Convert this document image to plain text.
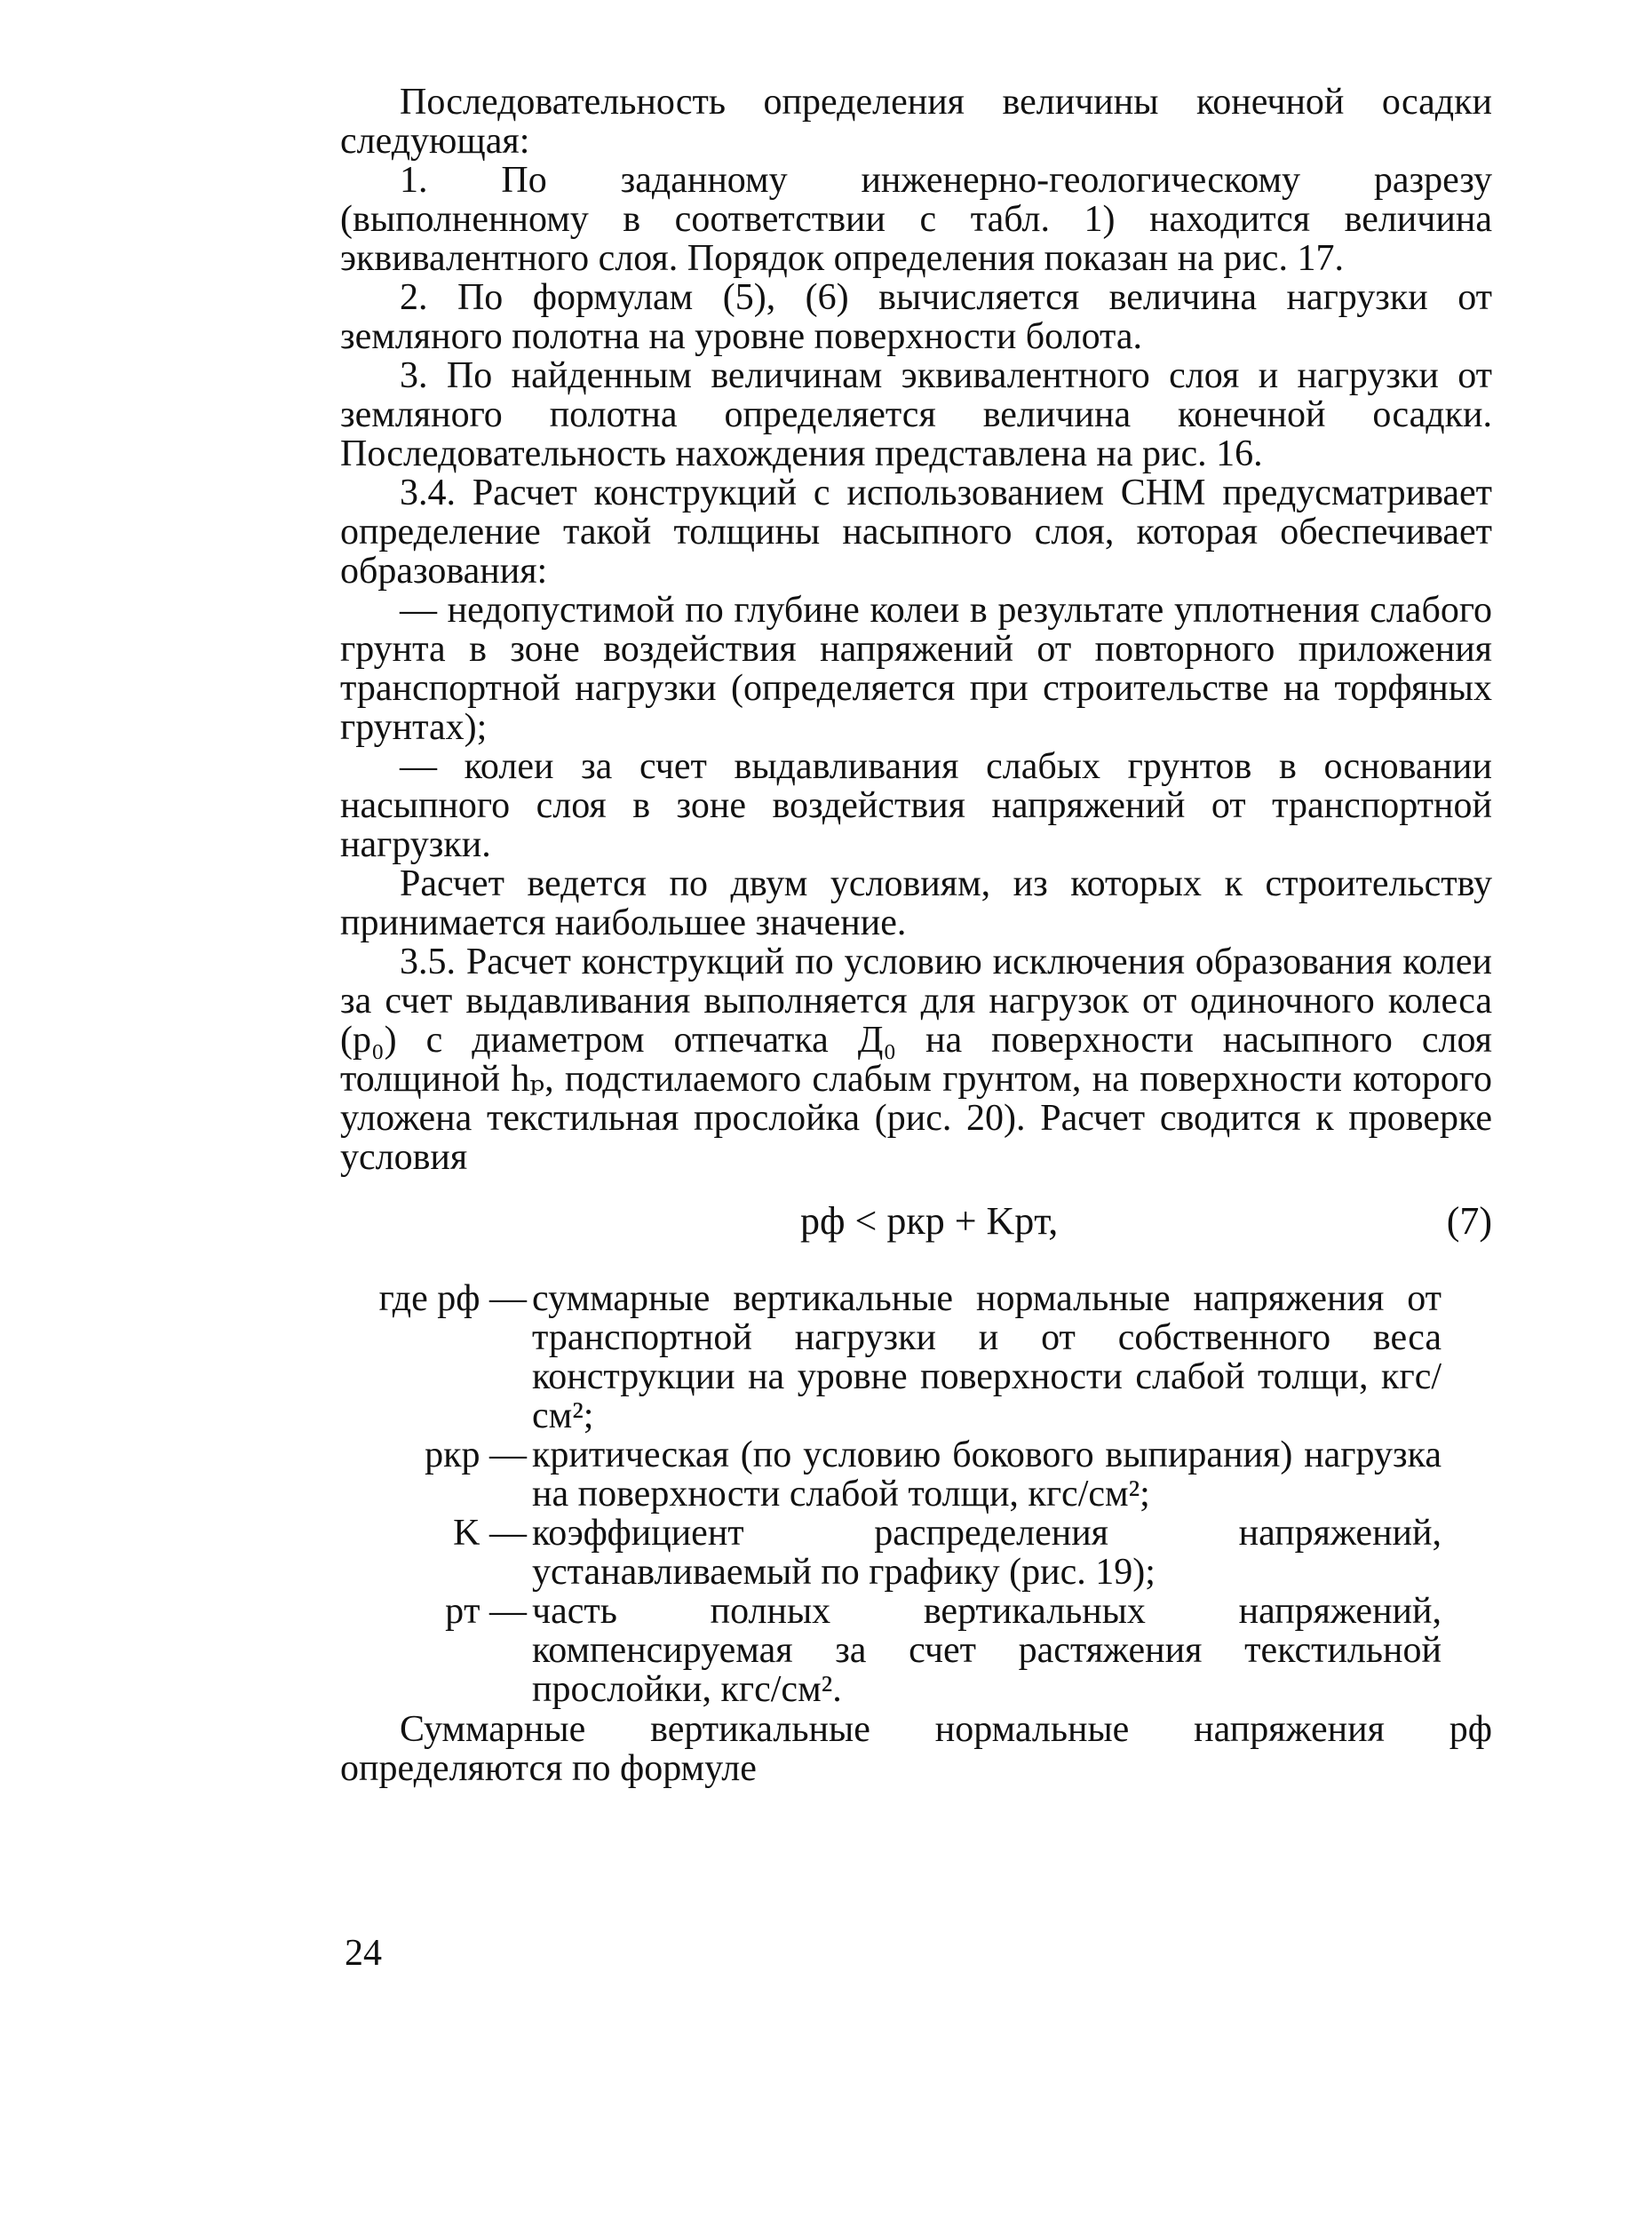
Последовательность определения величины конечной осадки следующая:
1. По заданному инженерно-геологическому разрезу (выполненному в соответствии с табл. 1) находится величина эквивалентного слоя. Порядок определения показан на рис. 17.
2. По формулам (5), (6) вычисляется величина нагрузки от земляного полотна на уровне поверхности болота.
3. По найденным величинам эквивалентного слоя и нагрузки от земляного полотна определяется величина конечной осадки. Последовательность нахождения представлена на рис. 16.
3.4. Расчет конструкций с использованием СНМ предусматривает определение такой толщины насыпного слоя, которая обеспечивает образования:
— недопустимой по глубине колеи в результате уплотнения слабого грунта в зоне воздействия напряжений от повторного приложения транспортной нагрузки (определяется при строительстве на торфяных грунтах);
— колеи за счет выдавливания слабых грунтов в основании насыпного слоя в зоне воздействия напряжений от транспортной нагрузки.
Расчет ведется по двум условиям, из которых к строительству принимается наибольшее значение.
3.5. Расчет конструкций по условию исключения образования колеи за счет выдавливания выполняется для нагрузок от одиночного колеса (p₀) с диаметром отпечатка Д₀ на поверхности насыпного слоя толщиной hₚ, подстилаемого слабым грунтом, на поверхности которого уложена текстильная прослойка (рис. 20). Расчет сводится к проверке условия
pф < pкр + Kpт,	(7)
где pф — суммарные вертикальные нормальные напряжения от транспортной нагрузки и от собственного веса конструкции на уровне поверхности слабой толщи, кгс/см²;
pкр — критическая (по условию бокового выпирания) нагрузка на поверхности слабой толщи, кгс/см²;
K — коэффициент распределения напряжений, устанавливаемый по графику (рис. 19);
pт — часть полных вертикальных напряжений, компенсируемая за счет растяжения текстильной прослойки, кгс/см².
Суммарные вертикальные нормальные напряжения pф определяются по формуле
24
